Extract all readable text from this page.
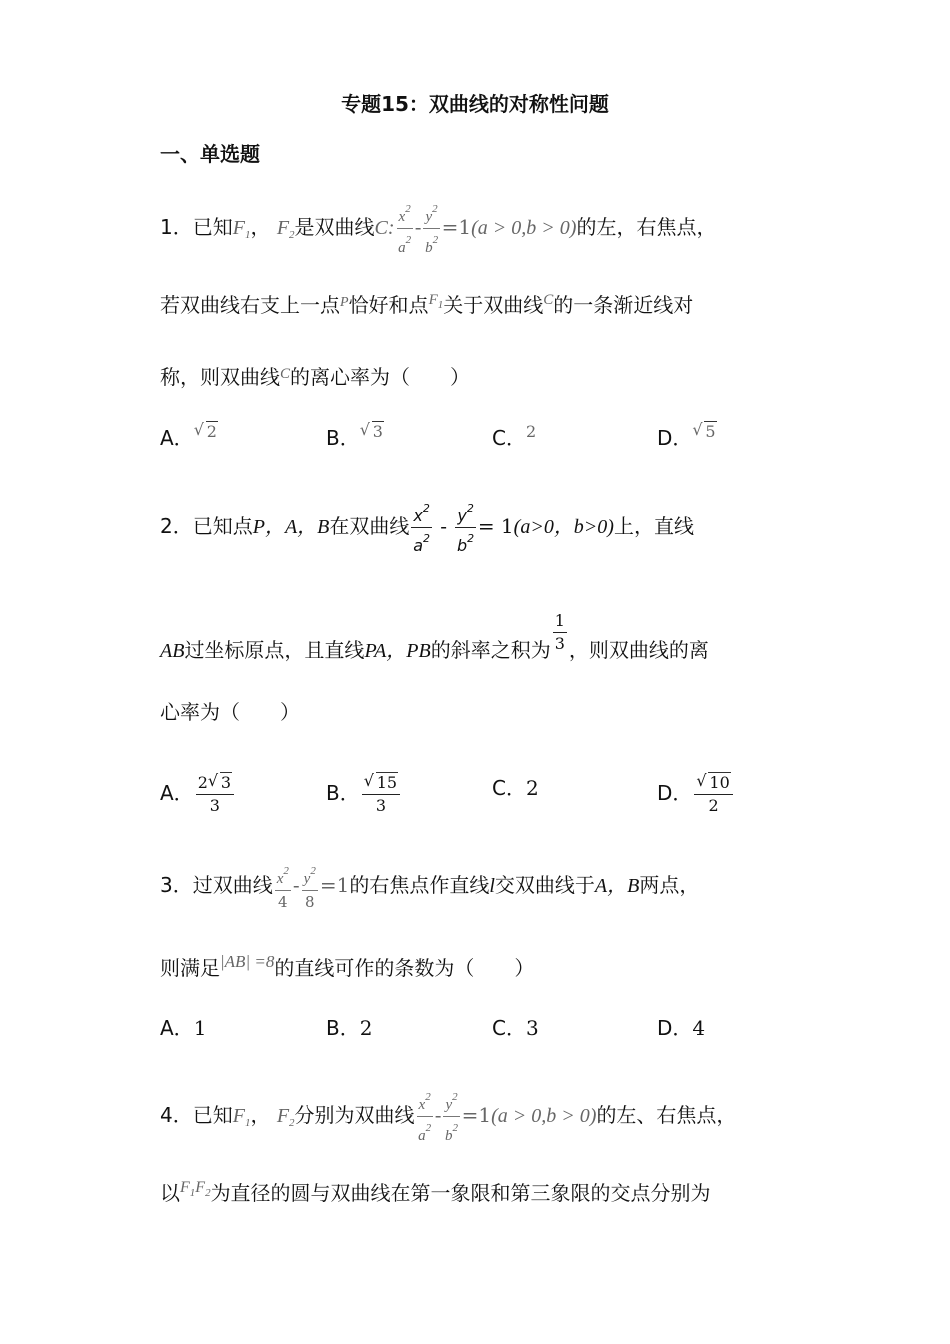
专题15：双曲线的对称性问题
一、单选题
1．已知$F_1$， $F_2$是双曲线C: $\frac{x^2}{a^2} - \frac{y^2}{b^2} =1(a > 0,b > 0)$的左，右焦点，
若双曲线右支上一点$^P$恰好和点$^{F_1}$关于双曲线$^C$的一条渐近线对
称，则双曲线$^C$的离心率为（　　）
A． √ 2	B． √ 3	C．$^2$	D． √ 5
2．已知点P，A，B在双曲线 $\frac{x^2}{a^2} - \frac{y^2}{b^2} = 1(a>0$，b>0)上，直线
AB过坐标原点，且直线PA，PB的斜率之积为 $\frac{1}{3}$ ，则双曲线的离
心率为（　　）
A． $\frac{2 √ 3}{3}$	B． √ $\frac{15}{3}$	C．2	D． √ $\frac{10}{2}$
3．过双曲线 $\frac{x^2}{4} - \frac{y^2}{8} =1$的右焦点作直线l交双曲线于A，B两点，
则满足$^{|AB| =8}$的直线可作的条数为（　　）
A．1	B．2	C．3	D．4
4．已知$F_1$， $F_2$分别为双曲线 $\frac{x^2}{a^2} - \frac{y^2}{b^2} =1(a > 0,b > 0)$的左、右焦点，
以$^{F_1F_2}$为直径的圆与双曲线在第一象限和第三象限的交点分别为
